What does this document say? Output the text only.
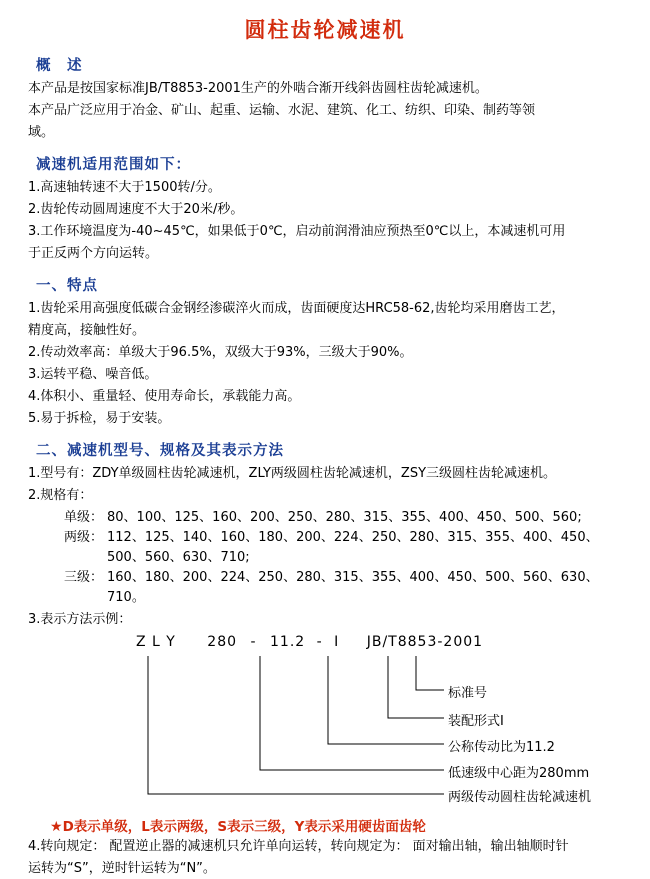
圆柱齿轮减速机
概　述

本产品是按国家标准JB/T8853-2001生产的外啮合渐开线斜齿圆柱齿轮减速机。

本产品广泛应用于冶金、矿山、起重、运输、水泥、建筑、化工、纺织、印染、制药等领

域。

减速机适用范围如下：

1.高速轴转速不大于1500转/分。

2.齿轮传动圆周速度不大于20米/秒。

3.工作环境温度为-40~45℃，如果低于0℃，启动前润滑油应预热至0℃以上，本减速机可用

于正反两个方向运转。

一、特点

1.齿轮采用高强度低碳合金钢经渗碳淬火而成，齿面硬度达HRC58-62,齿轮均采用磨齿工艺，

精度高，接触性好。

2.传动效率高：单级大于96.5%，双级大于93%，三级大于90%。

3.运转平稳、噪音低。

4.体积小、重量轻、使用寿命长，承载能力高。

5.易于拆检，易于安装。

二、减速机型号、规格及其表示方法

1.型号有：ZDY单级圆柱齿轮减速机，ZLY两级圆柱齿轮减速机，ZSY三级圆柱齿轮减速机。

2.规格有：

单级： 80、100、125、160、200、250、280、315、355、400、450、500、560;
两级： 112、125、140、160、180、200、224、250、280、315、355、400、450、500、560、630、710;
三级： 160、180、200、224、250、280、315、355、400、450、500、560、630、710。

3.表示方法示例：

Z L Y 280 - 11.2 - Ⅰ JB/T8853-2001
标准号
装配形式Ⅰ
公称传动比为11.2
低速级中心距为280mm
两级传动圆柱齿轮减速机
★D表示单级，L表示两级，S表示三级，Y表示采用硬齿面齿轮

4.转向规定： 配置逆止器的减速机只允许单向运转，转向规定为： 面对输出轴，输出轴顺时针

运转为“S”，逆时针运转为“N”。
